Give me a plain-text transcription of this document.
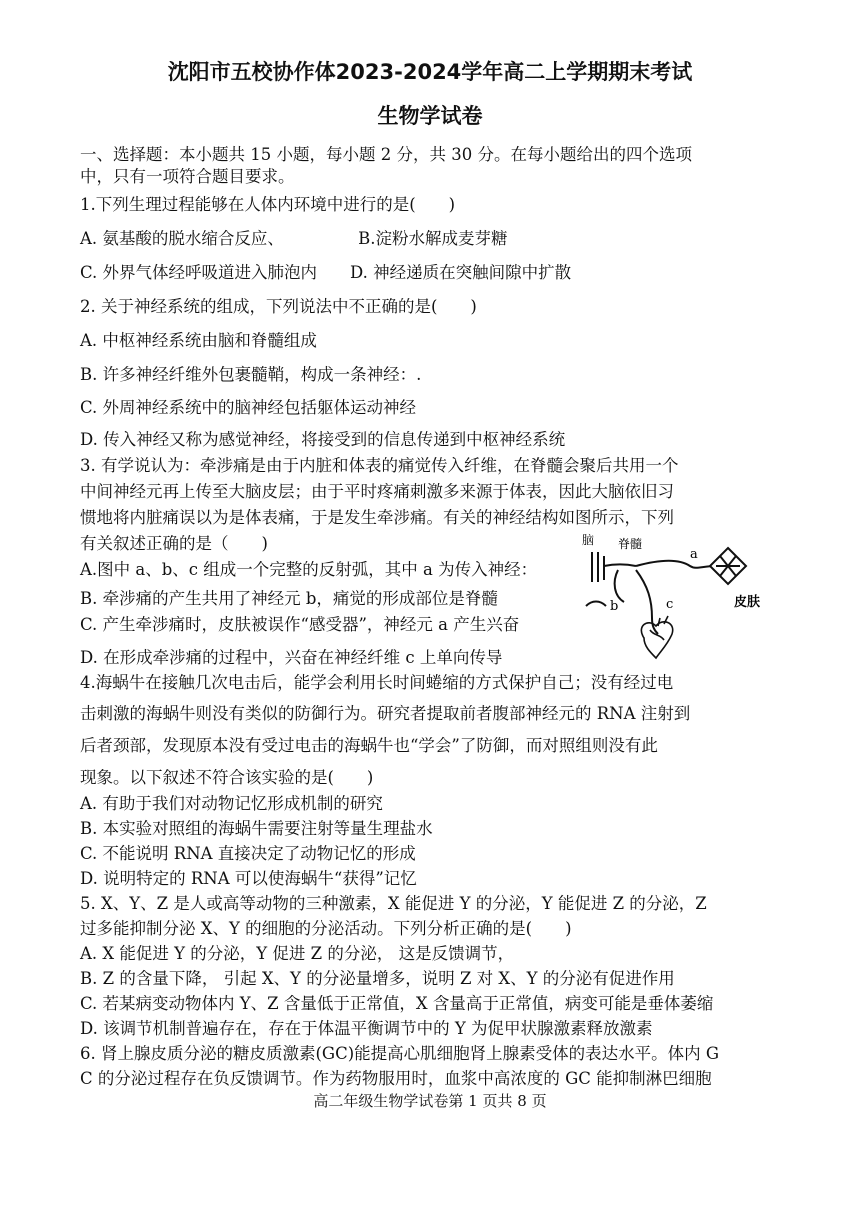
沈阳市五校协作体2023-2024学年高二上学期期末考试
生物学试卷
一、选择题：本小题共 15 小题，每小题 2 分，共 30 分。在每小题给出的四个选项
中，只有一项符合题目要求。
1.下列生理过程能够在人体内环境中进行的是(　　)
A. 氨基酸的脱水缩合反应、　　　　　B.淀粉水解成麦芽糖
C. 外界气体经呼吸道进入肺泡内　　D. 神经递质在突触间隙中扩散
2. 关于神经系统的组成，下列说法中不正确的是(　　)
A. 中枢神经系统由脑和脊髓组成
B. 许多神经纤维外包裹髓鞘，构成一条神经：.
C. 外周神经系统中的脑神经包括躯体运动神经
D. 传入神经又称为感觉神经，将接受到的信息传递到中枢神经系统
3. 有学说认为：牵涉痛是由于内脏和体表的痛觉传入纤维，在脊髓会聚后共用一个
中间神经元再上传至大脑皮层；由于平时疼痛刺激多来源于体表，因此大脑依旧习
惯地将内脏痛误以为是体表痛，于是发生牵涉痛。有关的神经结构如图所示，下列
有关叙述正确的是（　　)
A.图中 a、b、c 组成一个完整的反射弧，其中 a 为传入神经：
B. 牵涉痛的产生共用了神经元 b，痛觉的形成部位是脊髓
C. 产生牵涉痛时，皮肤被误作“感受器”，神经元 a 产生兴奋
D. 在形成牵涉痛的过程中，兴奋在神经纤维 c 上单向传导
4.海蜗牛在接触几次电击后，能学会利用长时间蜷缩的方式保护自己；没有经过电
击刺激的海蜗牛则没有类似的防御行为。研究者提取前者腹部神经元的 RNA 注射到
后者颈部，发现原本没有受过电击的海蜗牛也“学会”了防御，而对照组则没有此
现象。以下叙述不符合该实验的是(　　)
A. 有助于我们对动物记忆形成机制的研究
B. 本实验对照组的海蜗牛需要注射等量生理盐水
C. 不能说明 RNA 直接决定了动物记忆的形成
D. 说明特定的 RNA 可以使海蜗牛“获得”记忆
5. X、Y、Z 是人或高等动物的三种激素，X 能促进 Y 的分泌，Y 能促进 Z 的分泌，Z
过多能抑制分泌 X、Y 的细胞的分泌活动。下列分析正确的是(　　)
A. X 能促进 Y 的分泌，Y 促进 Z 的分泌， 这是反馈调节，
B. Z 的含量下降， 引起 X、Y 的分泌量增多，说明 Z 对 X、Y 的分泌有促进作用
C. 若某病变动物体内 Y、Z 含量低于正常值，X 含量高于正常值，病变可能是垂体萎缩
D. 该调节机制普遍存在，存在于体温平衡调节中的 Y 为促甲状腺激素释放激素
6. 肾上腺皮质分泌的糖皮质激素(GC)能提高心肌细胞肾上腺素受体的表达水平。体内 G
C 的分泌过程存在负反馈调节。作为药物服用时，血浆中高浓度的 GC 能抑制淋巴细胞
脑 脊髓
a
b	c	皮肤
高二年级生物学试卷第 1 页共 8 页
